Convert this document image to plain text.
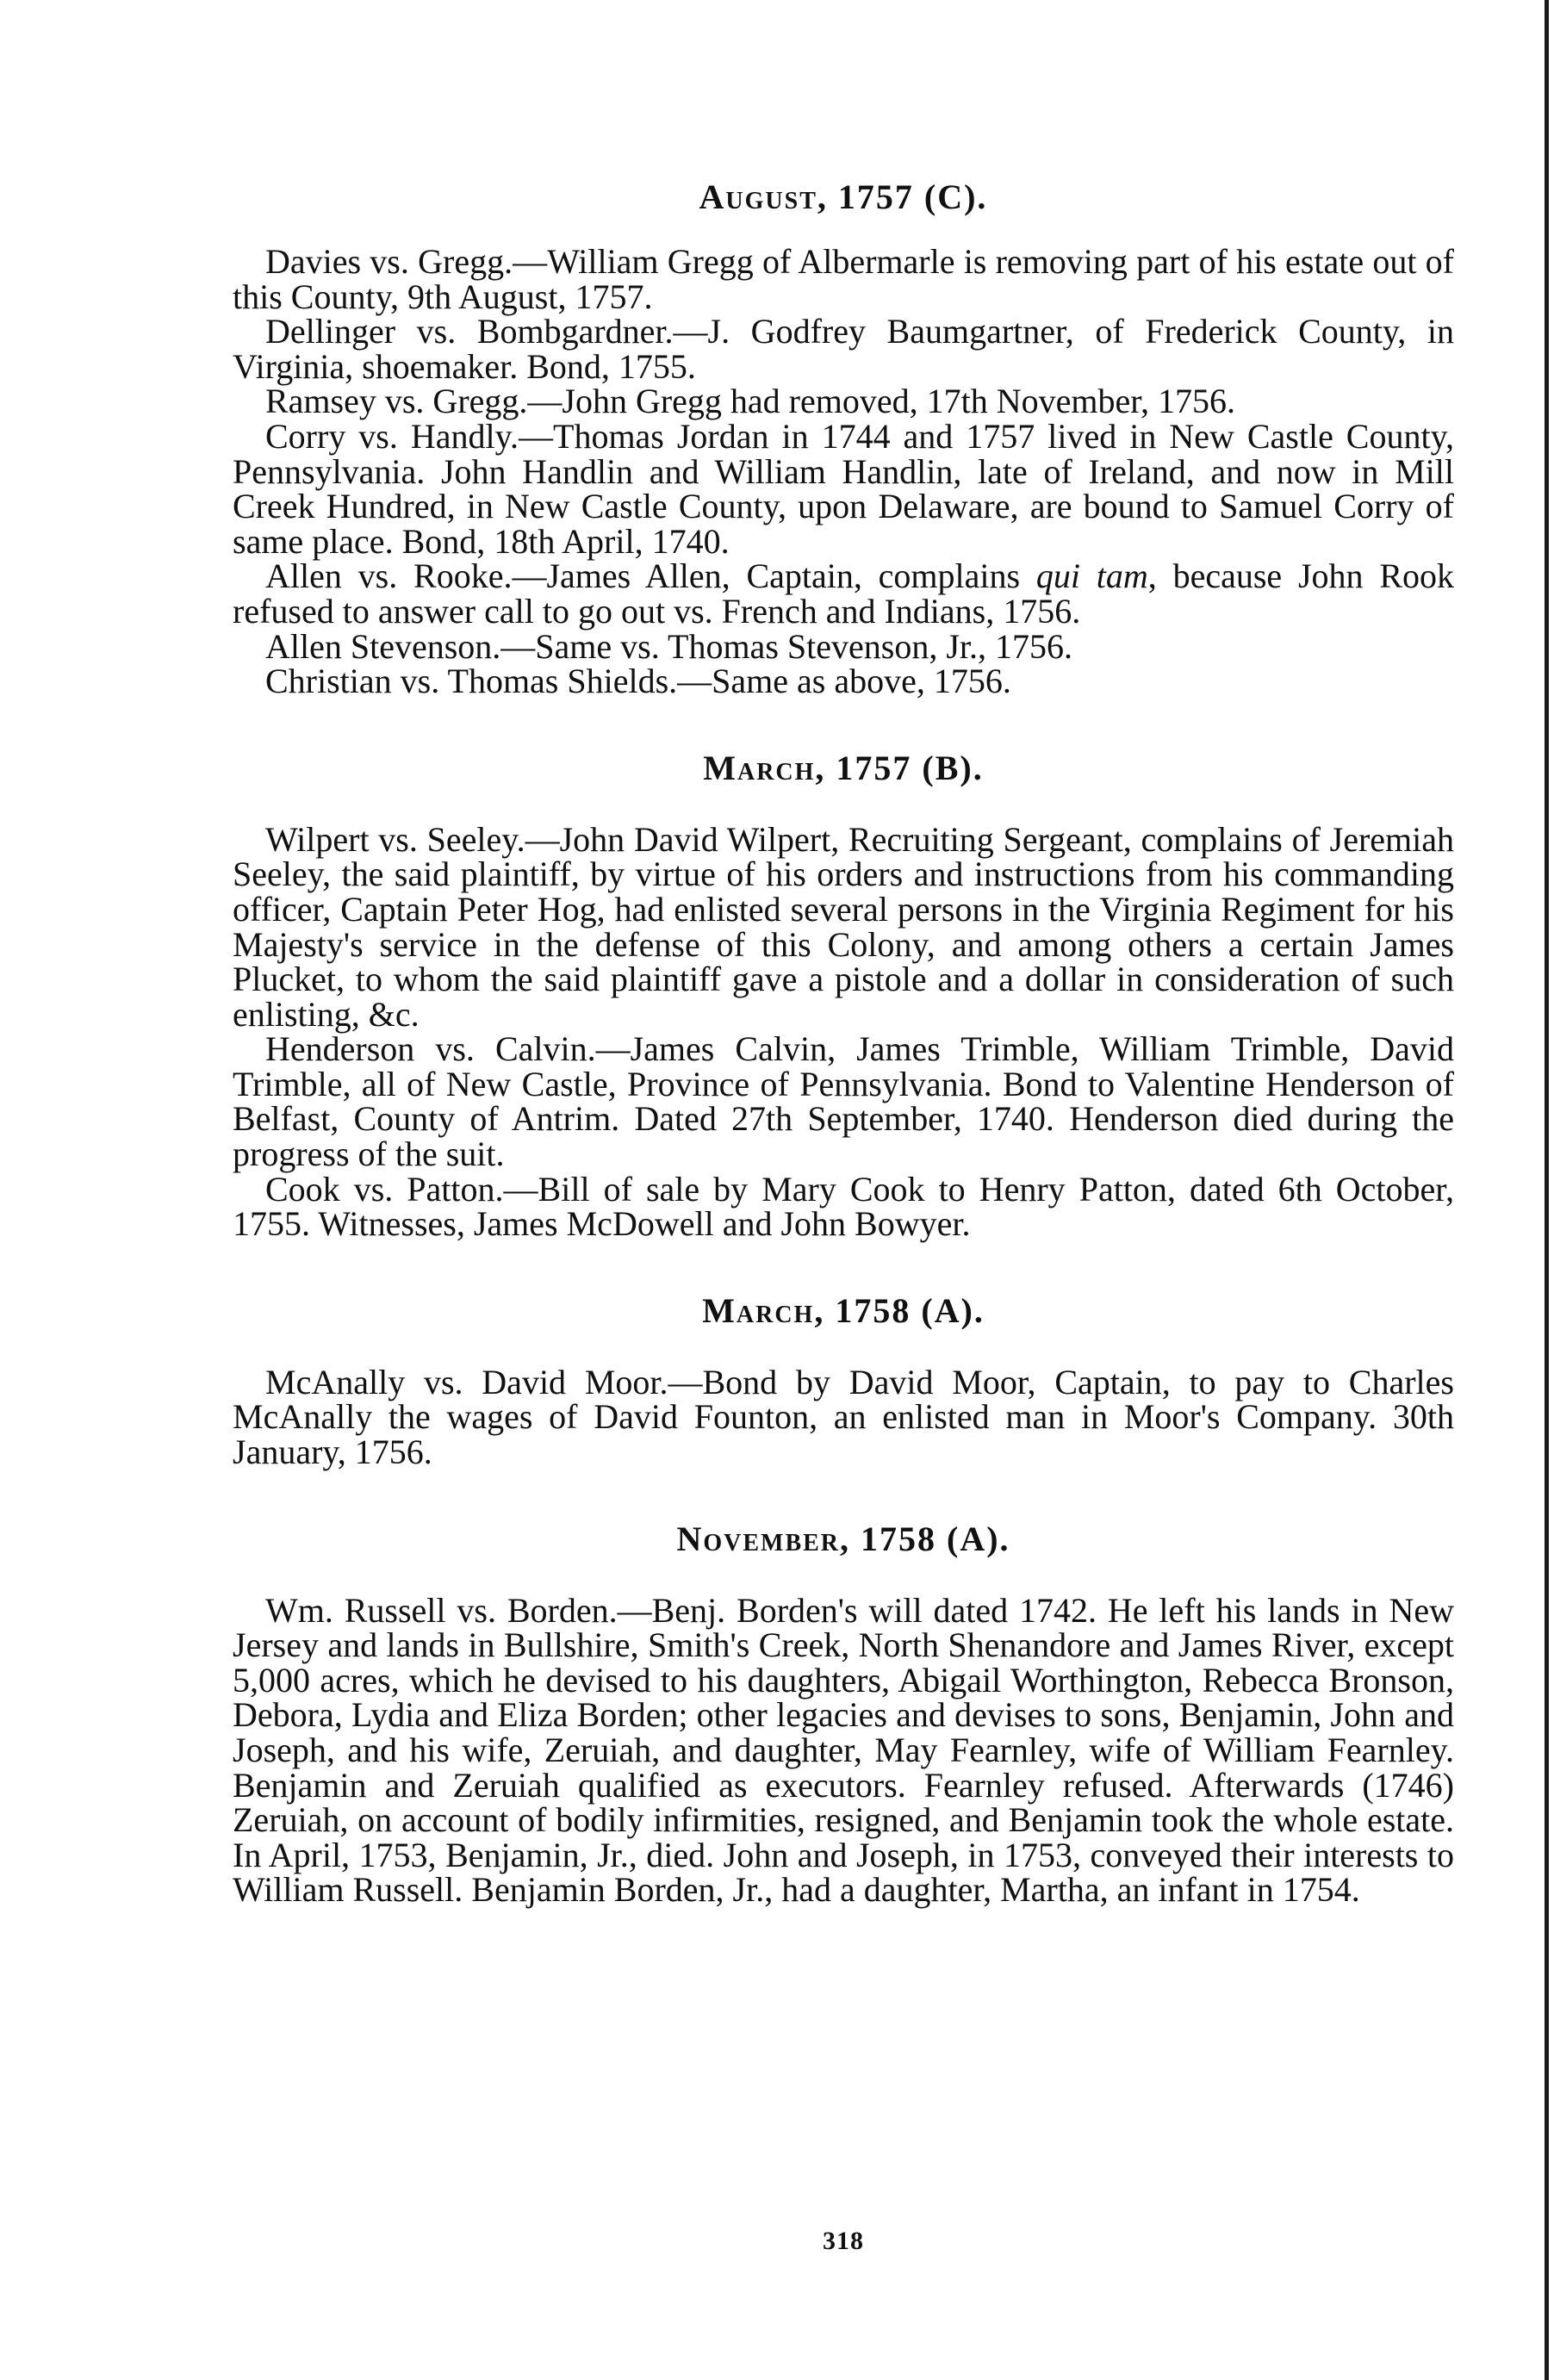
August, 1757 (C).

Davies vs. Gregg.—William Gregg of Albermarle is removing part of his estate out of this County, 9th August, 1757.

Dellinger vs. Bombgardner.—J. Godfrey Baumgartner, of Frederick County, in Virginia, shoemaker. Bond, 1755.

Ramsey vs. Gregg.—John Gregg had removed, 17th November, 1756.

Corry vs. Handly.—Thomas Jordan in 1744 and 1757 lived in New Castle County, Pennsylvania. John Handlin and William Handlin, late of Ireland, and now in Mill Creek Hundred, in New Castle County, upon Delaware, are bound to Samuel Corry of same place. Bond, 18th April, 1740.

Allen vs. Rooke.—James Allen, Captain, complains qui tam, because John Rook refused to answer call to go out vs. French and Indians, 1756.

Allen Stevenson.—Same vs. Thomas Stevenson, Jr., 1756.

Christian vs. Thomas Shields.—Same as above, 1756.

March, 1757 (B).

Wilpert vs. Seeley.—John David Wilpert, Recruiting Sergeant, complains of Jeremiah Seeley, the said plaintiff, by virtue of his orders and instructions from his commanding officer, Captain Peter Hog, had enlisted several persons in the Virginia Regiment for his Majesty's service in the defense of this Colony, and among others a certain James Plucket, to whom the said plaintiff gave a pistole and a dollar in consideration of such enlisting, &c.

Henderson vs. Calvin.—James Calvin, James Trimble, William Trimble, David Trimble, all of New Castle, Province of Pennsylvania. Bond to Valentine Henderson of Belfast, County of Antrim. Dated 27th September, 1740. Henderson died during the progress of the suit.

Cook vs. Patton.—Bill of sale by Mary Cook to Henry Patton, dated 6th October, 1755. Witnesses, James McDowell and John Bowyer.

March, 1758 (A).

McAnally vs. David Moor.—Bond by David Moor, Captain, to pay to Charles McAnally the wages of David Founton, an enlisted man in Moor's Company. 30th January, 1756.

November, 1758 (A).

Wm. Russell vs. Borden.—Benj. Borden's will dated 1742. He left his lands in New Jersey and lands in Bullshire, Smith's Creek, North Shenandore and James River, except 5,000 acres, which he devised to his daughters, Abigail Worthington, Rebecca Bronson, Debora, Lydia and Eliza Borden; other legacies and devises to sons, Benjamin, John and Joseph, and his wife, Zeruiah, and daughter, May Fearnley, wife of William Fearnley. Benjamin and Zeruiah qualified as executors. Fearnley refused. Afterwards (1746) Zeruiah, on account of bodily infirmities, resigned, and Benjamin took the whole estate. In April, 1753, Benjamin, Jr., died. John and Joseph, in 1753, conveyed their interests to William Russell. Benjamin Borden, Jr., had a daughter, Martha, an infant in 1754.

318
